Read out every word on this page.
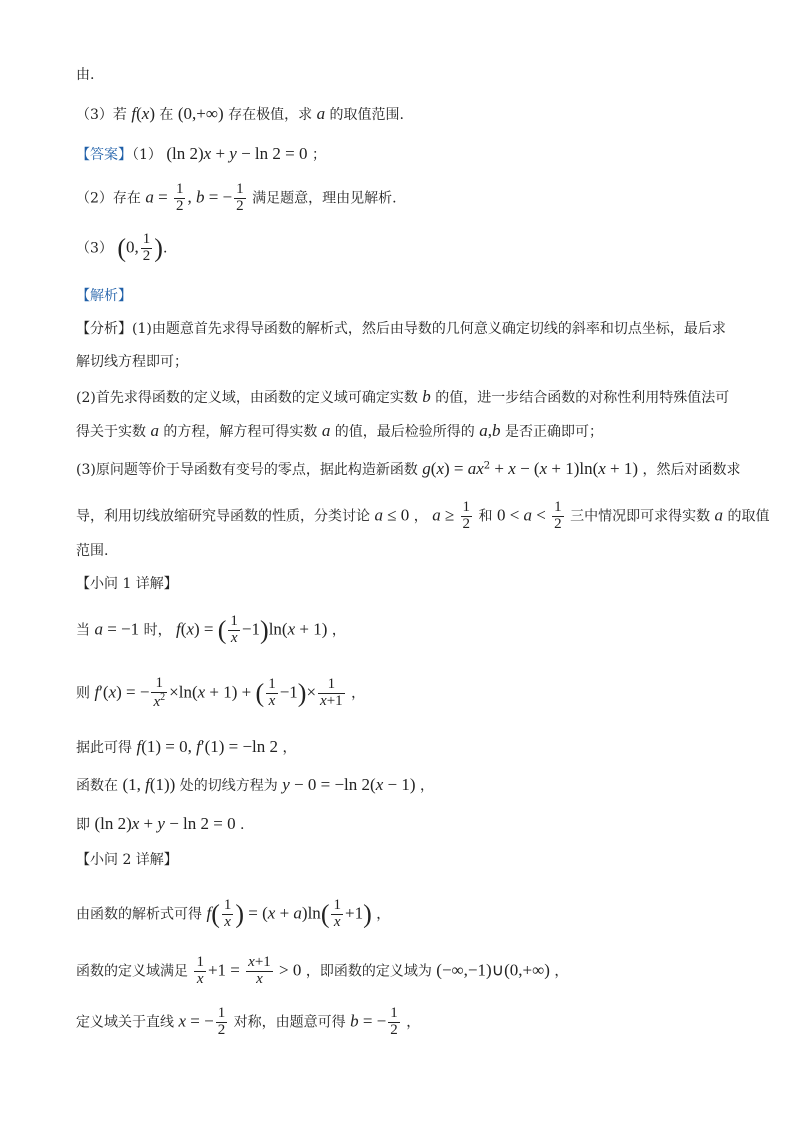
由.
（3）若 f(x) 在 (0,+∞) 存在极值，求 a 的取值范围.
【答案】（1） (ln 2)x + y − ln 2 = 0 ；
（2）存在 $a = \frac{1}{2}$ , b = − $\frac{1}{2}$ 满足题意，理由见解析.
（3） (0, $\frac{1}{2}$ ).
【解析】
【分析】(1)由题意首先求得导函数的解析式，然后由导数的几何意义确定切线的斜率和切点坐标，最后求
解切线方程即可；
(2)首先求得函数的定义域，由函数的定义域可确定实数 b 的值，进一步结合函数的对称性利用特殊值法可
得关于实数 a 的方程，解方程可得实数 a 的值，最后检验所得的 a,b 是否正确即可；
(3)原问题等价于导函数有变号的零点，据此构造新函数 $g(x) = ax^2 + x - (x + 1)\ln(x + 1)$ ，然后对函数求
导，利用切线放缩研究导函数的性质，分类讨论 a ≤ 0 ， $a \ge \frac{1}{2}$ 和 $0 < a < \frac{1}{2}$ 三中情况即可求得实数 a 的取值
范围.
【小问 1 详解】
当 a = −1 时， f(x) = ( $\frac{1}{x} -1)\ln(x + 1)$ ，
则 f′(x) = − $\frac{1}{x^2} \times\ln(x + 1)$ + ( $\frac{1}{x} -1)\times \frac{1}{x+1}$ ，
据此可得 f(1) = 0, f′(1) = −ln 2 ，
函数在 (1, f(1)) 处的切线方程为 y − 0 = −ln 2(x − 1) ，
即 (ln 2)x + y − ln 2 = 0 .
【小问 2 详解】
由函数的解析式可得 $f( \frac{1}{x}$ ) = $(x + a)\ln( \frac{1}{x} +1)$ ，
函数的定义域满足 $\frac{1}{x} +1 = \frac{x+1}{x} > 0$ ，即函数的定义域为 (−∞,−1)∪(0,+∞) ，
定义域关于直线 x = − $\frac{1}{2}$ 对称，由题意可得 b = − $\frac{1}{2}$ ，
